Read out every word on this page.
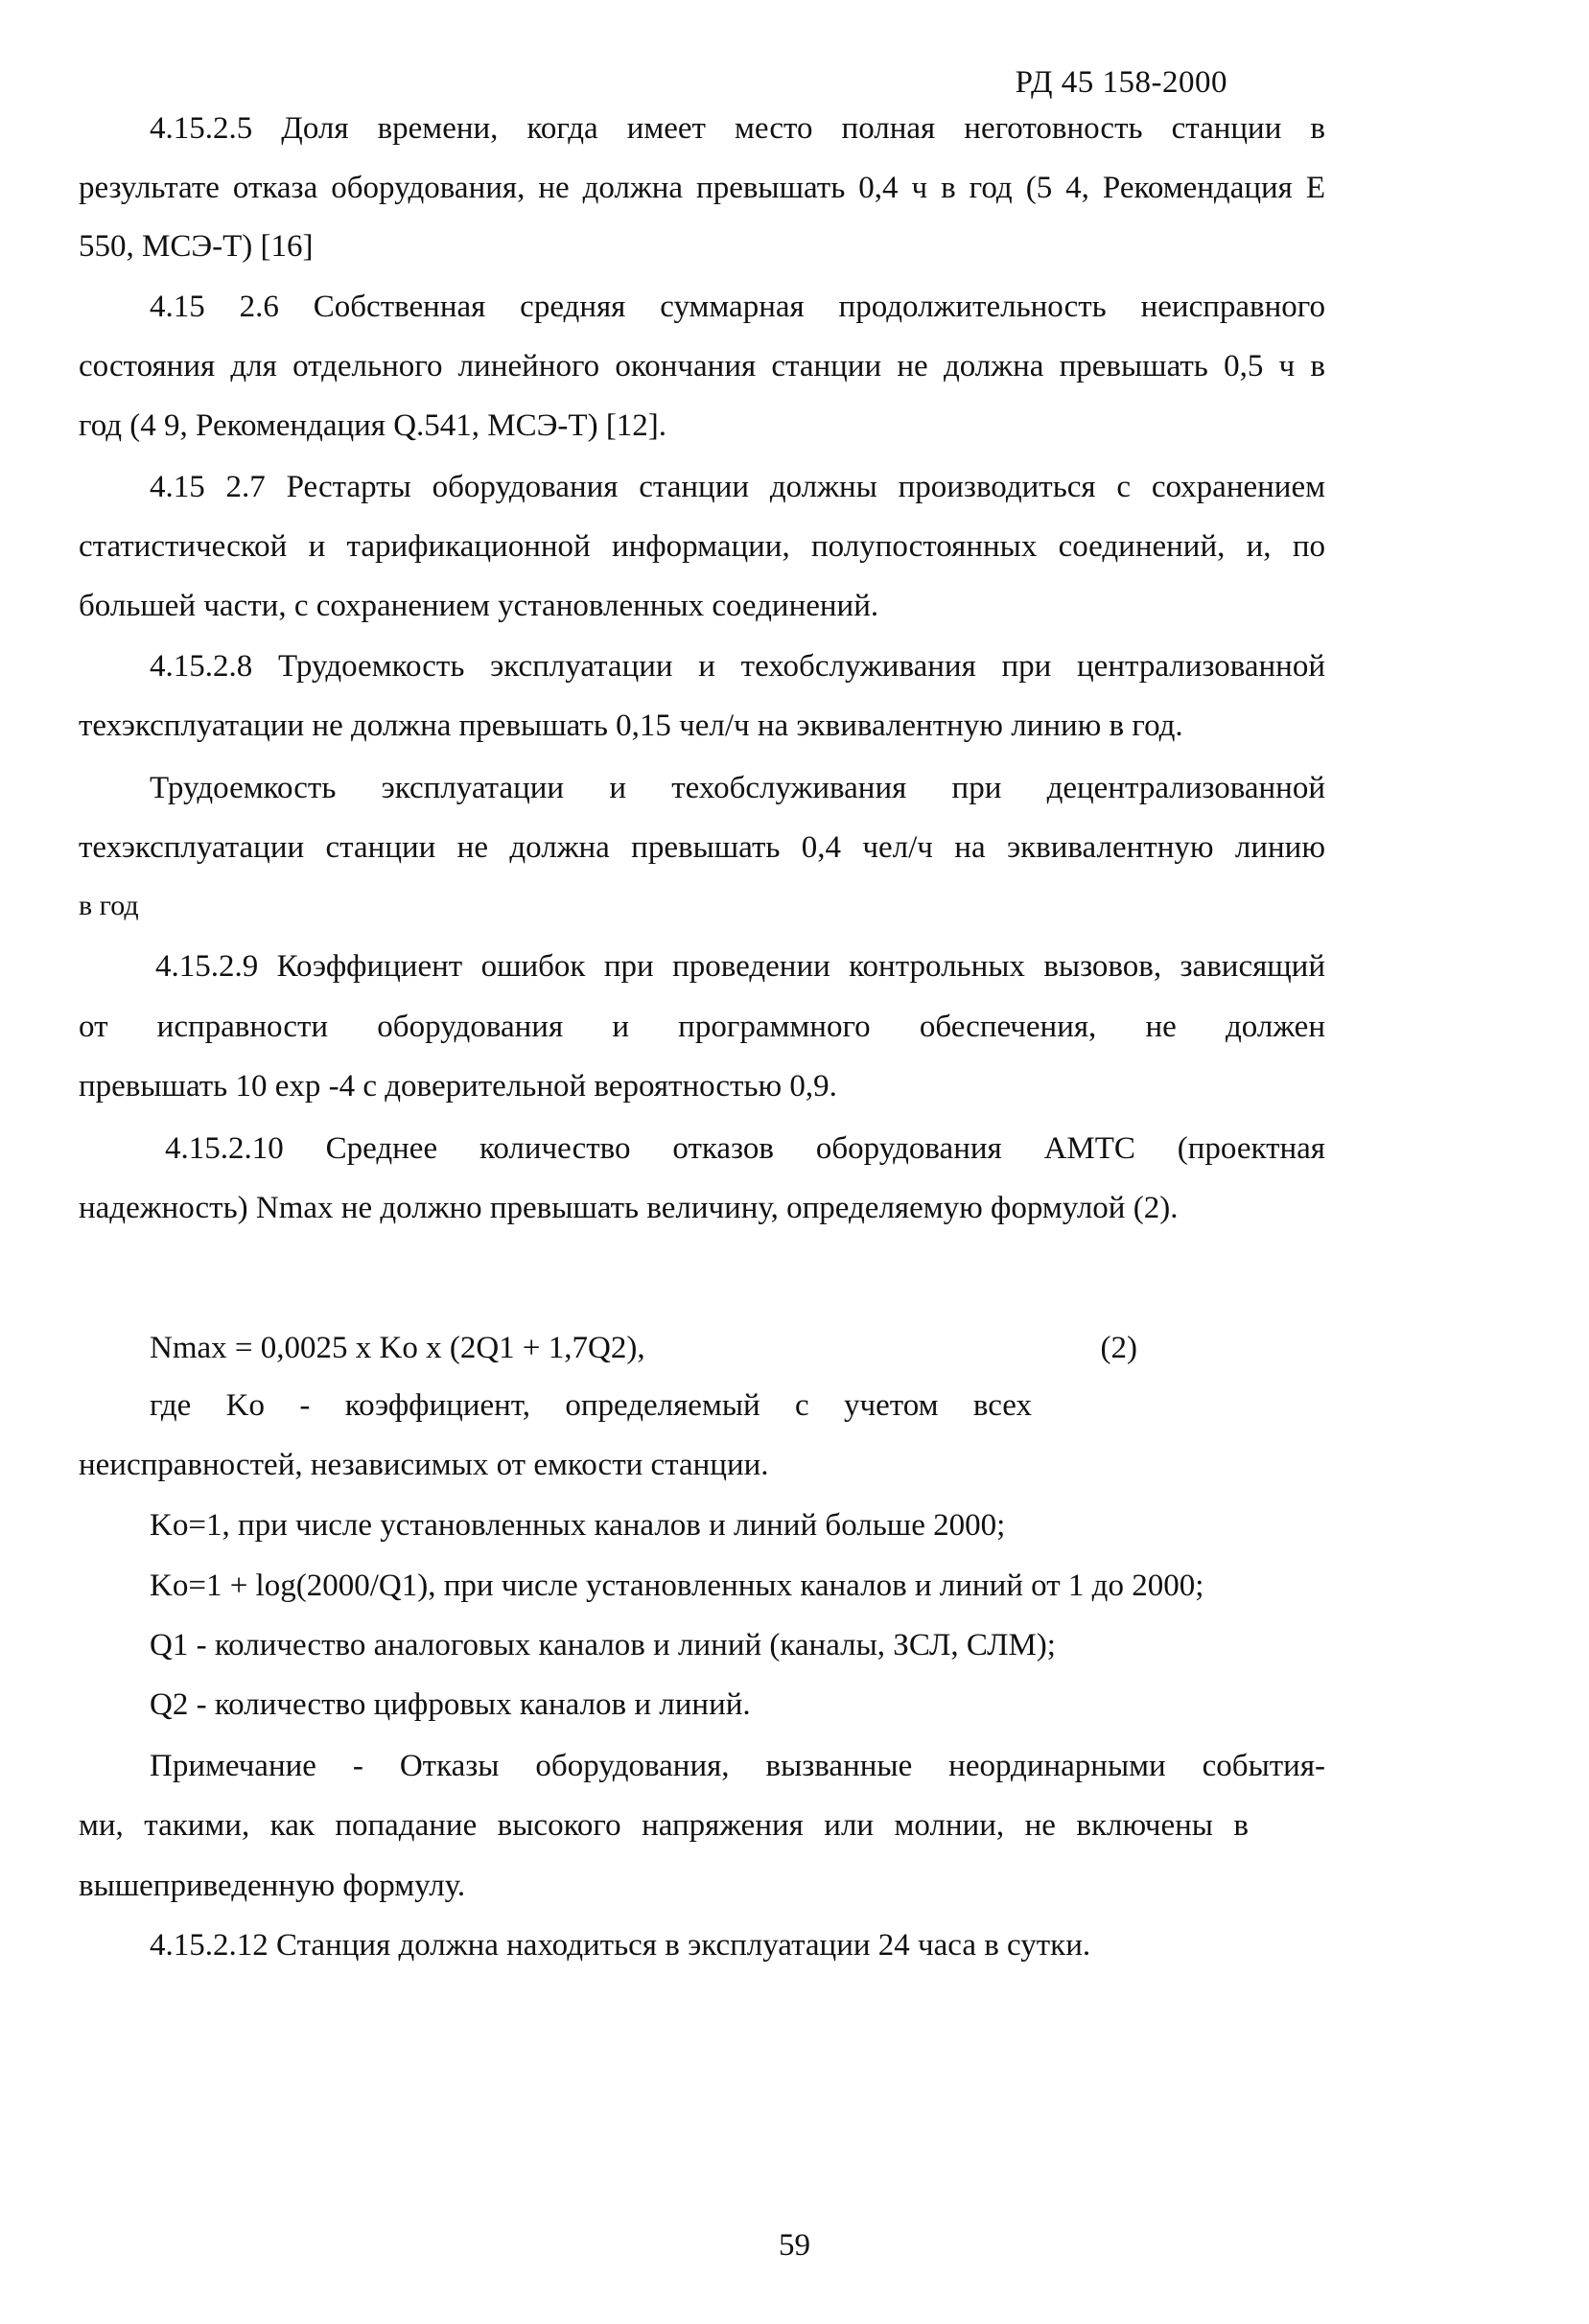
РД 45 158-2000
4.15.2.5 Доля времени, когда имеет место полная неготовность станции в
результате отказа оборудования, не должна превышать 0,4 ч в год (5 4, Рекомендация Е
550, МСЭ-Т) [16]
4.15 2.6 Собственная средняя суммарная продолжительность неисправного
состояния для отдельного линейного окончания станции не должна превышать 0,5 ч в
год (4 9, Рекомендация Q.541, МСЭ-Т) [12].
4.15 2.7 Рестарты оборудования станции должны производиться с сохранением
статистической и тарификационной информации, полупостоянных соединений, и, по
большей части, с сохранением установленных соединений.
4.15.2.8 Трудоемкость эксплуатации и техобслуживания при централизованной
техэксплуатации не должна превышать 0,15 чел/ч на эквивалентную линию в год.
Трудоемкость эксплуатации и техобслуживания при децентрализованной
техэксплуатации станции не должна превышать 0,4 чел/ч на эквивалентную линию
в год
4.15.2.9 Коэффициент ошибок при проведении контрольных вызовов, зависящий
от исправности оборудования и программного обеспечения, не должен
превышать 10 exp -4 с доверительной вероятностью 0,9.
4.15.2.10 Среднее количество отказов оборудования АМТС (проектная
надежность) Nmax не должно превышать величину, определяемую формулой (2).
Nmax = 0,0025 x Ko x (2Q1 + 1,7Q2),	(2)
где Ko - коэффициент, определяемый с учетом всех
неисправностей, независимых от емкости станции.
Ko=1, при числе установленных каналов и линий больше 2000;
Ko=1 + log(2000/Q1), при числе установленных каналов и линий от 1 до 2000;
Q1 - количество аналоговых каналов и линий (каналы, ЗСЛ, СЛМ);
Q2 - количество цифровых каналов и линий.
Примечание - Отказы оборудования, вызванные неординарными события-
ми, такими, как попадание высокого напряжения или молнии, не включены в
вышеприведенную формулу.
4.15.2.12 Станция должна находиться в эксплуатации 24 часа в сутки.
59
